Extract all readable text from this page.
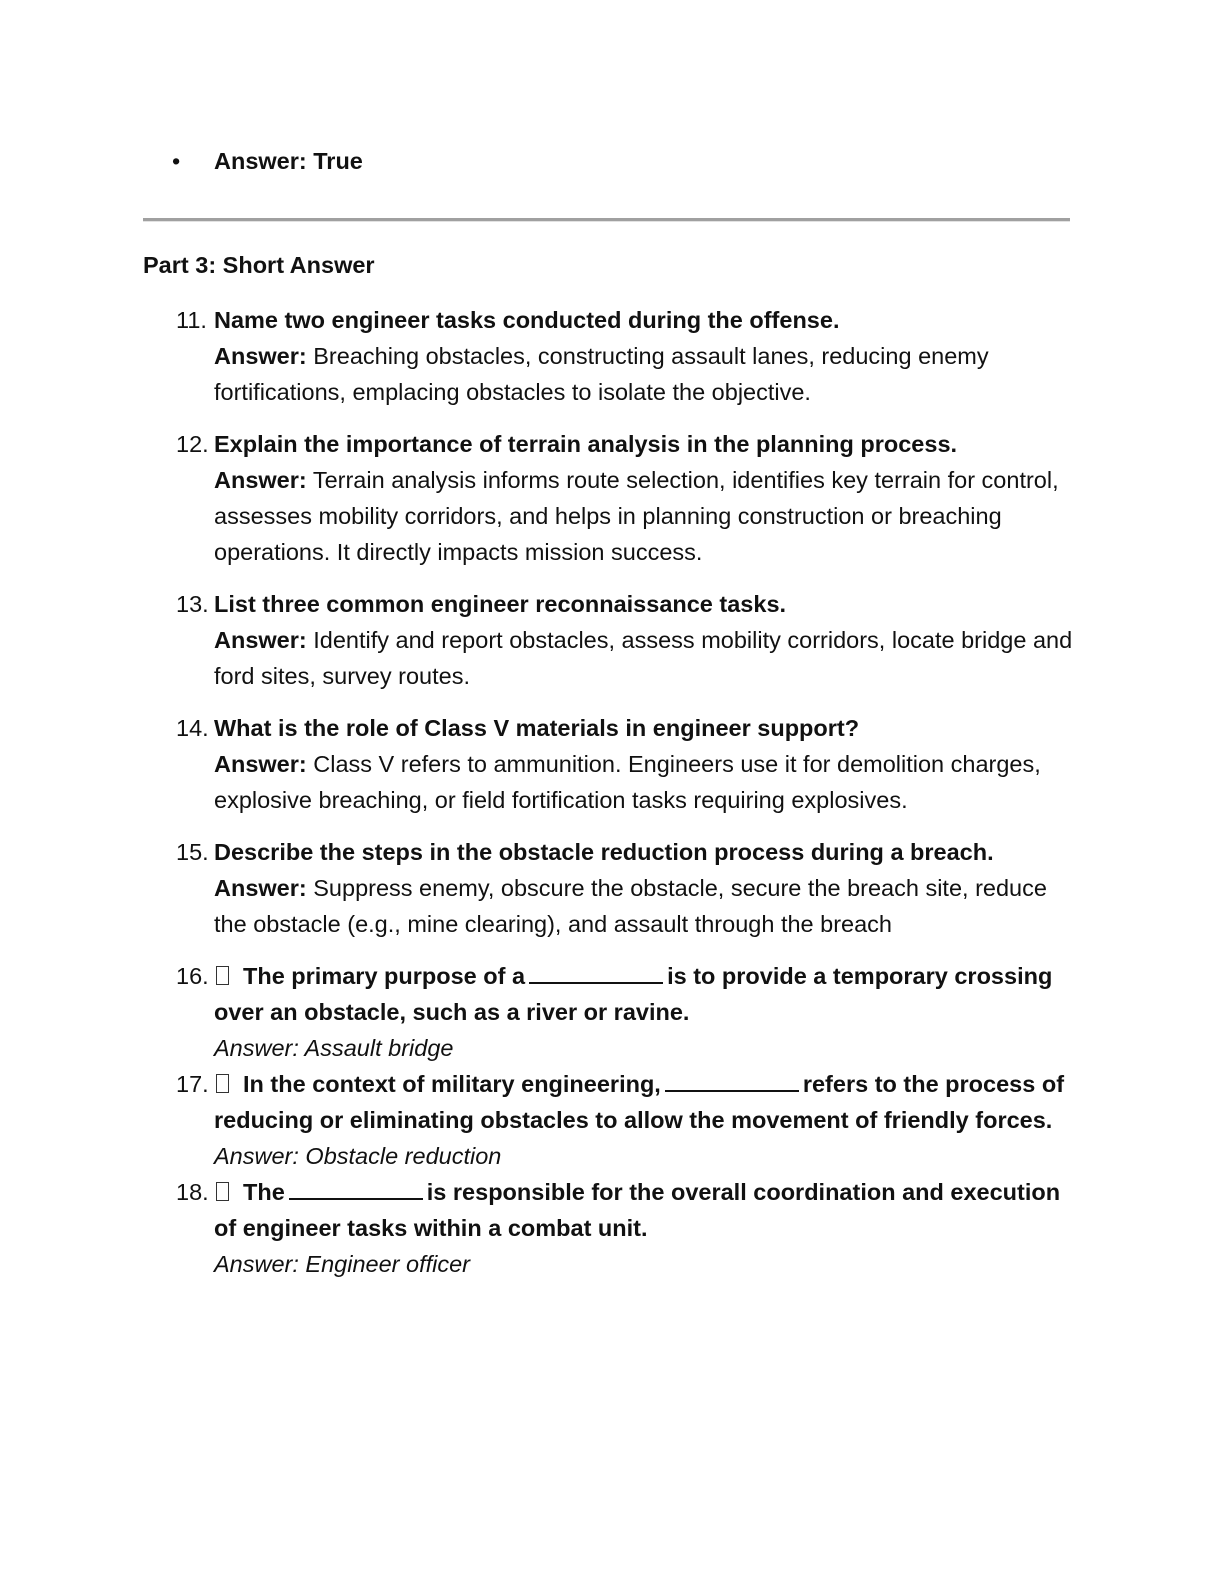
• Answer: True
Part 3: Short Answer
11. Name two engineer tasks conducted during the offense.
Answer: Breaching obstacles, constructing assault lanes, reducing enemy fortifications, emplacing obstacles to isolate the objective.
12. Explain the importance of terrain analysis in the planning process.
Answer: Terrain analysis informs route selection, identifies key terrain for control, assesses mobility corridors, and helps in planning construction or breaching operations. It directly impacts mission success.
13. List three common engineer reconnaissance tasks.
Answer: Identify and report obstacles, assess mobility corridors, locate bridge and ford sites, survey routes.
14. What is the role of Class V materials in engineer support?
Answer: Class V refers to ammunition. Engineers use it for demolition charges, explosive breaching, or field fortification tasks requiring explosives.
15. Describe the steps in the obstacle reduction process during a breach.
Answer: Suppress enemy, obscure the obstacle, secure the breach site, reduce the obstacle (e.g., mine clearing), and assault through the breach
16. The primary purpose of a	is to provide a temporary crossing over an obstacle, such as a river or ravine.
Answer: Assault bridge
17. In the context of military engineering,	refers to the process of reducing or eliminating obstacles to allow the movement of friendly forces.
Answer: Obstacle reduction
18. The	is responsible for the overall coordination and execution of engineer tasks within a combat unit.
Answer: Engineer officer
